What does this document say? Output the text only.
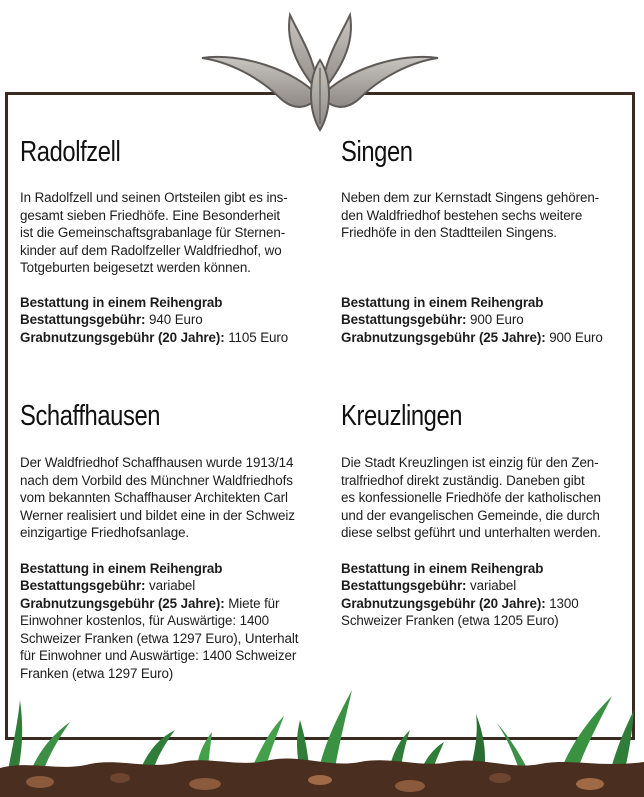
Radolfzell

In Radolfzell und seinen Ortsteilen gibt es ins-
gesamt sieben Friedhöfe. Eine Besonderheit
ist die Gemeinschaftsgrabanlage für Sternen-
kinder auf dem Radolfzeller Waldfriedhof, wo
Totgeburten beigesetzt werden können.

Bestattung in einem Reihengrab
Bestattungsgebühr: 940 Euro
Grabnutzungsgebühr (20 Jahre): 1105 Euro
Singen

Neben dem zur Kernstadt Singens gehören-
den Waldfriedhof bestehen sechs weitere
Friedhöfe in den Stadtteilen Singens.

Bestattung in einem Reihengrab
Bestattungsgebühr: 900 Euro
Grabnutzungsgebühr (25 Jahre): 900 Euro
Schaffhausen

Der Waldfriedhof Schaffhausen wurde 1913/14
nach dem Vorbild des Münchner Waldfriedhofs
vom bekannten Schaffhauser Architekten Carl
Werner realisiert und bildet eine in der Schweiz
einzigartige Friedhofsanlage.

Bestattung in einem Reihengrab
Bestattungsgebühr: variabel
Grabnutzungsgebühr (25 Jahre): Miete für
Einwohner kostenlos, für Auswärtige: 1400
Schweizer Franken (etwa 1297 Euro), Unterhalt
für Einwohner und Auswärtige: 1400 Schweizer
Franken (etwa 1297 Euro)
Kreuzlingen

Die Stadt Kreuzlingen ist einzig für den Zen-
tralfriedhof direkt zuständig. Daneben gibt
es konfessionelle Friedhöfe der katholischen
und der evangelischen Gemeinde, die durch
diese selbst geführt und unterhalten werden.

Bestattung in einem Reihengrab
Bestattungsgebühr: variabel
Grabnutzungsgebühr (20 Jahre): 1300
Schweizer Franken (etwa 1205 Euro)
